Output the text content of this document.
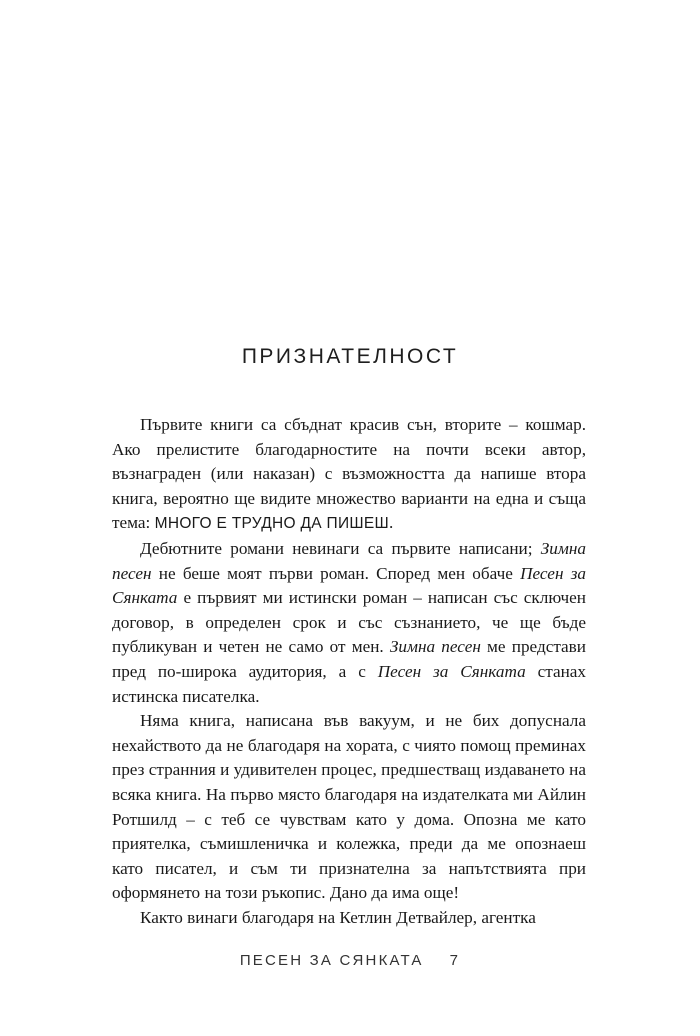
ПРИЗНАТЕЛНОСТ

Първите книги са сбъднат красив сън, вторите – кошмар. Ако прелистите благодарностите на почти всеки автор, възнаграден (или наказан) с възможността да напише втора книга, вероятно ще видите множество варианти на една и съща тема: МНОГО Е ТРУДНО ДА ПИШЕШ.

Дебютните романи невинаги са първите написани; Зимна песен не беше моят първи роман. Според мен обаче Песен за Сянката е първият ми истински роман – написан със сключен договор, в определен срок и със съзнанието, че ще бъде публикуван и четен не само от мен. Зимна песен ме представи пред по-широка аудитория, а с Песен за Сянката станах истинска писателка.

Няма книга, написана във вакуум, и не бих допуснала нехайството да не благодаря на хората, с чиято помощ преминах през странния и удивителен процес, предшестващ издаването на всяка книга. На първо място благодаря на издателката ми Айлин Ротшилд – с теб се чувствам като у дома. Опозна ме като приятелка, съмишленичка и колежка, преди да ме опознаеш като писател, и съм ти признателна за напътствията при оформянето на този ръкопис. Дано да има още!

Както винаги благодаря на Кетлин Детвайлер, агентка

ПЕСЕН ЗА СЯНКАТА 7
